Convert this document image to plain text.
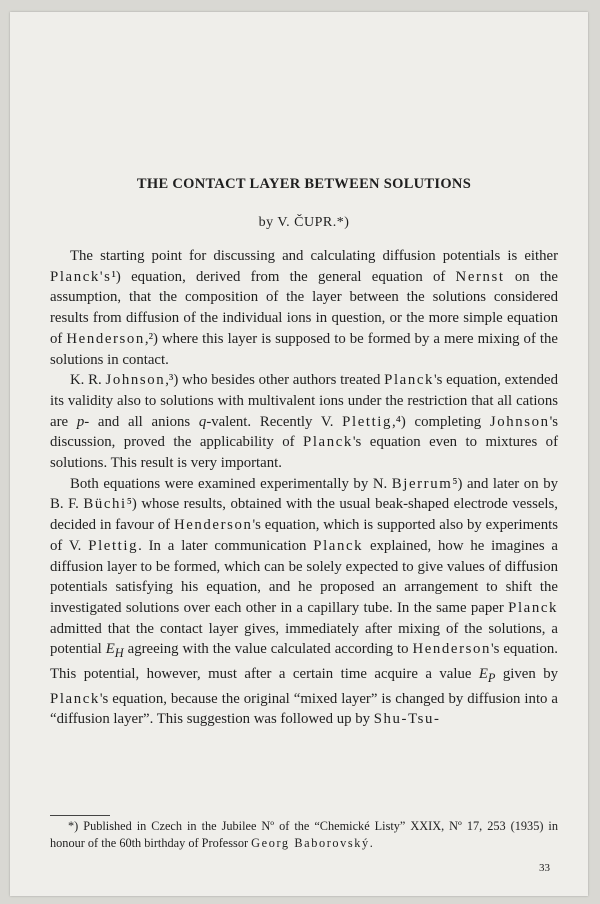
THE CONTACT LAYER BETWEEN SOLUTIONS

by V. ČUPR.*)

The starting point for discussing and calculating diffusion potentials is either Planck's¹) equation, derived from the general equation of Nernst on the assumption, that the composition of the layer between the solutions considered results from diffusion of the individual ions in question, or the more simple equation of Henderson,²) where this layer is supposed to be formed by a mere mixing of the solutions in contact.

K. R. Johnson,³) who besides other authors treated Planck's equation, extended its validity also to solutions with multivalent ions under the restriction that all cations are p- and all anions q-valent. Recently V. Plettig,⁴) completing Johnson's discussion, proved the applicability of Planck's equation even to mixtures of solutions. This result is very important.

Both equations were examined experimentally by N. Bjerrum⁵) and later on by B. F. Büchi⁵) whose results, obtained with the usual beak-shaped electrode vessels, decided in favour of Henderson's equation, which is supported also by experiments of V. Plettig. In a later communication Planck explained, how he imagines a diffusion layer to be formed, which can be solely expected to give values of diffusion potentials satisfying his equation, and he proposed an arrangement to shift the investigated solutions over each other in a capillary tube. In the same paper Planck admitted that the contact layer gives, immediately after mixing of the solutions, a potential $E_H$ agreeing with the value calculated according to Henderson's equation. This potential, however, must after a certain time acquire a value $E_P$ given by Planck's equation, because the original “mixed layer” is changed by diffusion into a “diffusion layer”. This suggestion was followed up by Shu-Tsu-

*) Published in Czech in the Jubilee Nº of the “Chemické Listy” XXIX, Nº 17, 253 (1935) in honour of the 60th birthday of Professor Georg Baborovský.

33
